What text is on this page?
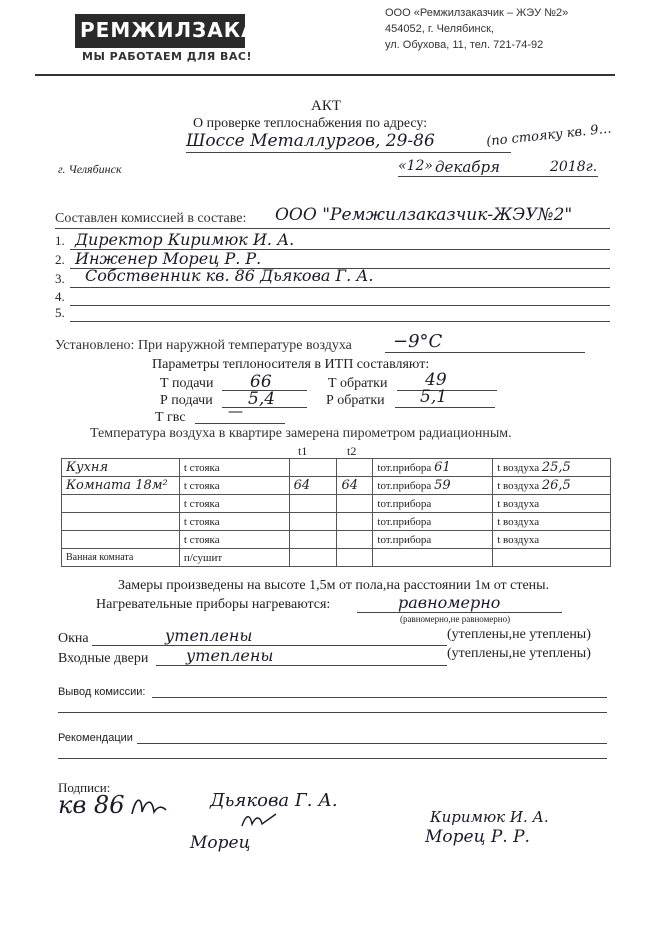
РЕМЖИЛЗАКАЗЧИК
МЫ РАБОТАЕМ ДЛЯ ВАС!
ООО «Ремжилзаказчик – ЖЭУ №2»
454052, г. Челябинск,
ул. Обухова, 11, тел. 721-74-92
АКТ
О проверке теплоснабжения по адресу:
Шоссе Металлургов, 29-86	(по стояку кв. 9…
г. Челябинск	«12» декабря	2018г.
Составлен комиссией в составе: ООО "Ремжилзаказчик-ЖЭУ№2"
1. Директор Киримюк И. А.
2. Инженер Морец Р. Р.
3. Собственник кв. 86 Дьякова Г. А.
4.
5.
Установлено: При наружной температуре воздуха −9°С
Параметры теплоносителя в ИТП составляют:
Т подачи 66	Т обратки 49
Р подачи 5,4	Р обратки 5,1
Т гвс	—
Температура воздуха в квартире замерена пирометром радиационным.
t1	t2
Кухня	t стояка			tот.прибора 61	t воздуха 25,5
Комната 18м²	t стояка	64	64	tот.прибора 59	t воздуха 26,5
	t стояка			tот.прибора	t воздуха
	t стояка			tот.прибора	t воздуха
	t стояка			tот.прибора	t воздуха
Ванная комната	п/сушит				
Замеры произведены на высоте 1,5м от пола,на расстоянии 1м от стены.
Нагревательные приборы нагреваются:	равномерно
(равномерно,не равномерно)
Окна	утеплены	(утеплены,не утеплены)
Входные двери утеплены	(утеплены,не утеплены)
Вывод комиссии:
Рекомендации
Подписи:
кв 86	Дьякова Г. А.
Киримюк И. А.
Морец	Морец Р. Р.
